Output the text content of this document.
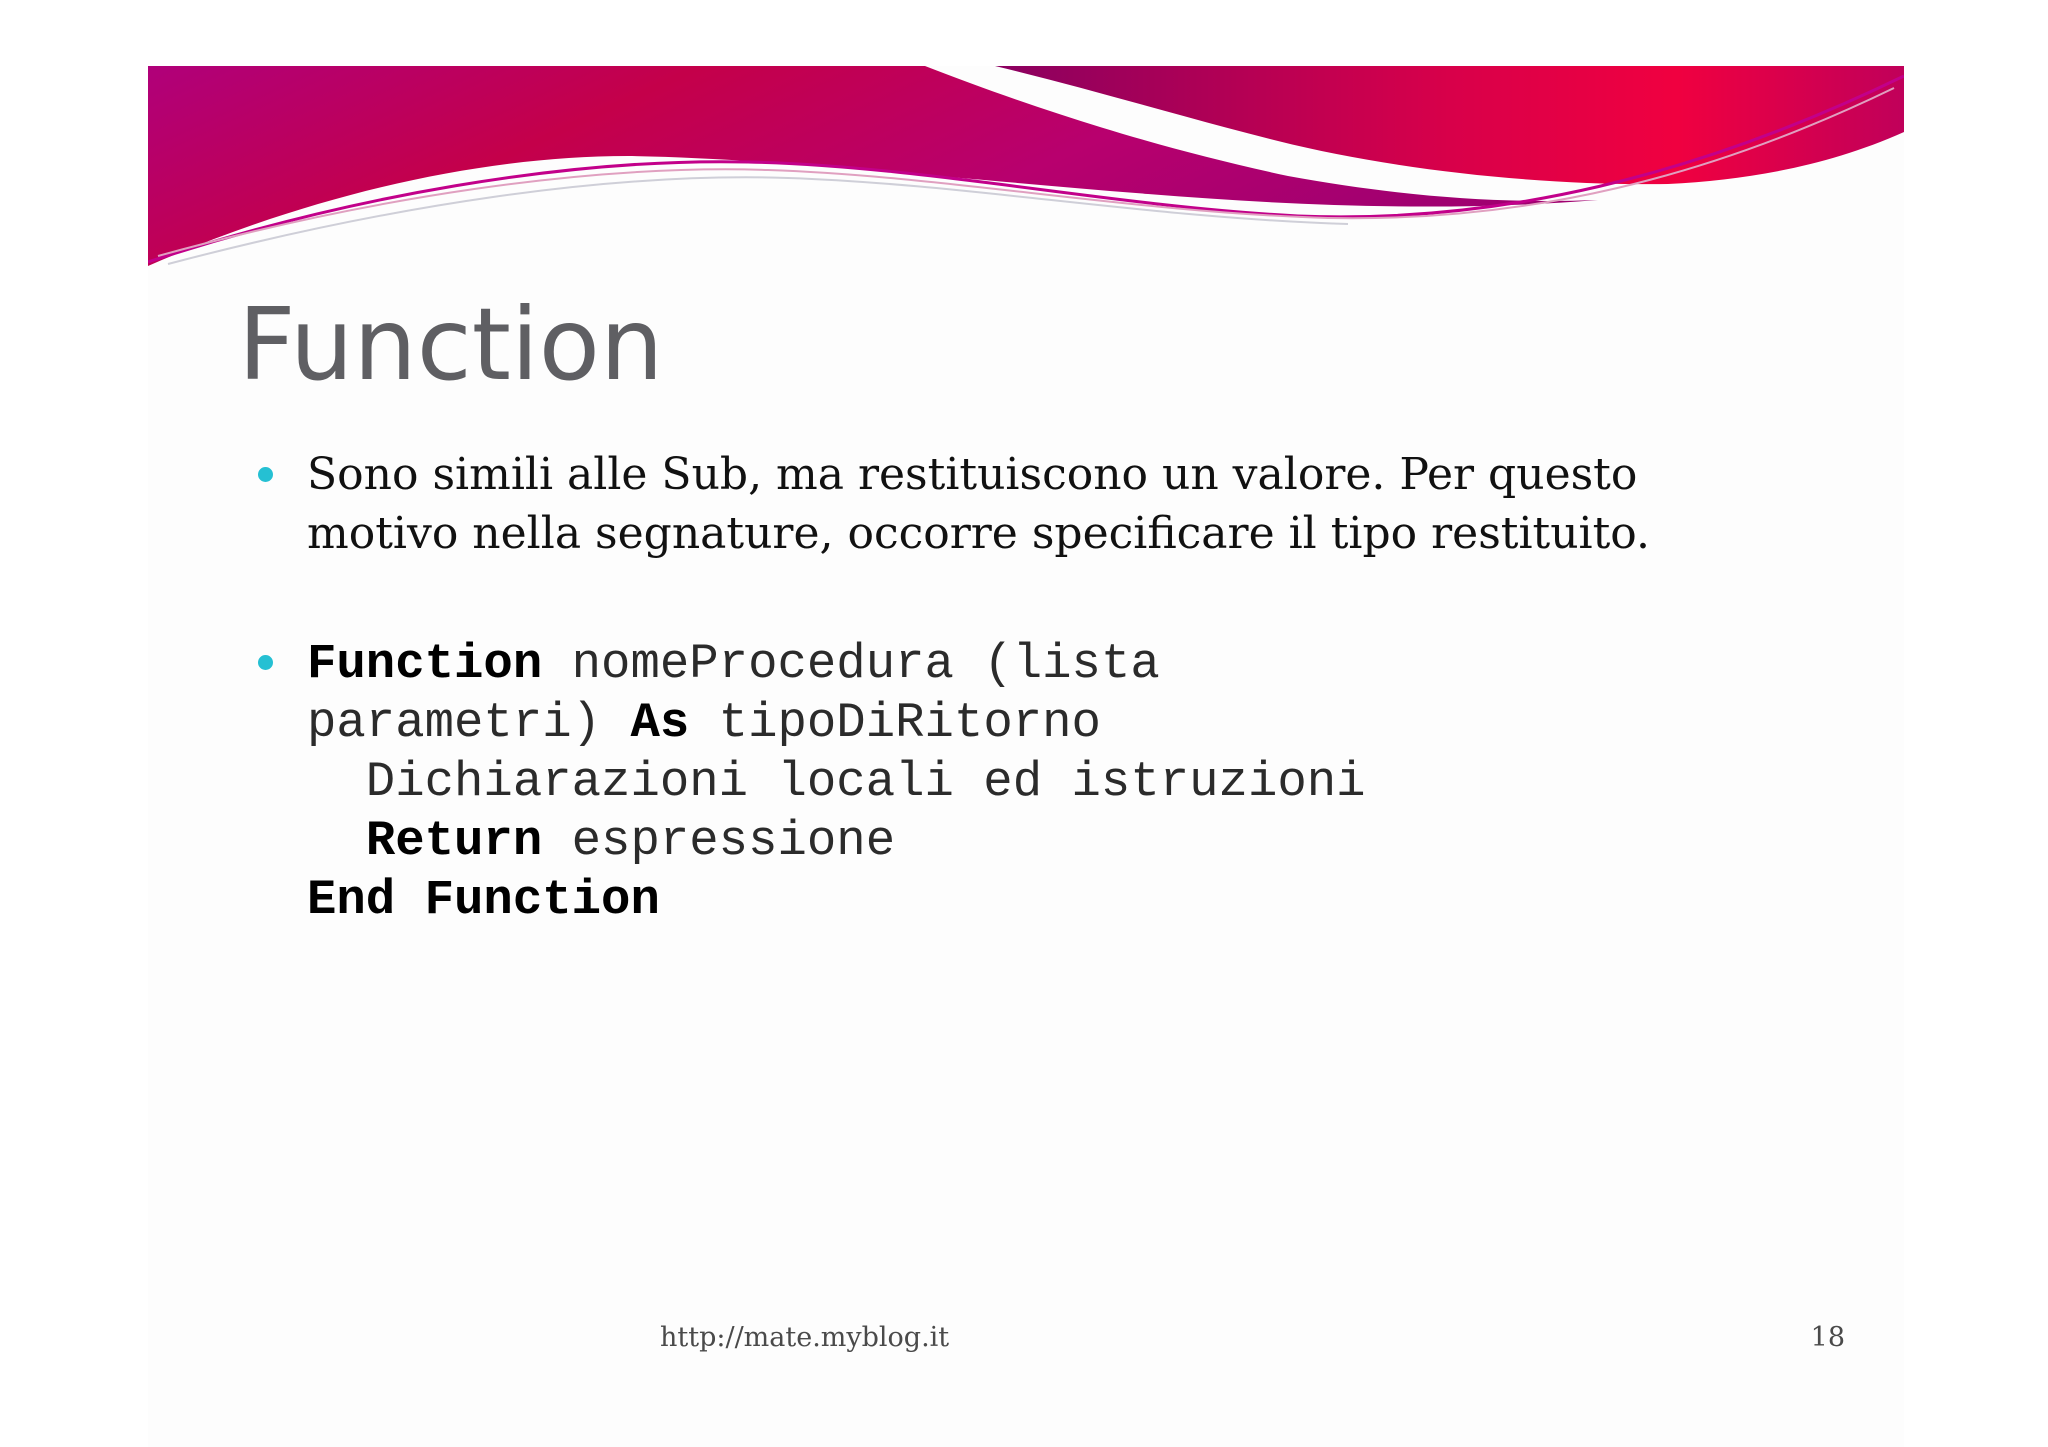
Function
Sono simili alle Sub, ma restituiscono un valore. Per questo motivo nella segnature, occorre specificare il tipo restituito.
Function nomeProcedura (lista
parametri) As tipoDiRitorno
Dichiarazioni locali ed istruzioni
Return espressione
End Function
http://mate.myblog.it	18
